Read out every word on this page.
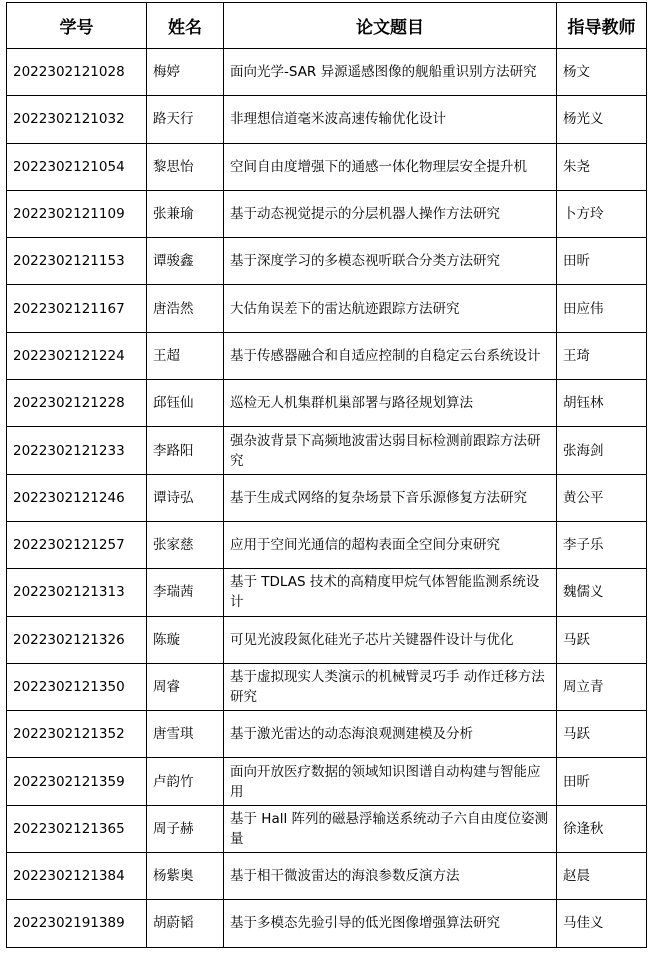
学号	姓名	论文题目	指导教师
2022302121028	梅婷	面向光学-SAR 异源遥感图像的舰船重识别方法研究	杨文
2022302121032	路天行	非理想信道毫米波高速传输优化设计	杨光义
2022302121054	黎思怡	空间自由度增强下的通感一体化物理层安全提升机	朱尧
2022302121109	张兼瑜	基于动态视觉提示的分层机器人操作方法研究	卜方玲
2022302121153	谭骏鑫	基于深度学习的多模态视听联合分类方法研究	田昕
2022302121167	唐浩然	大估角误差下的雷达航迹跟踪方法研究	田应伟
2022302121224	王超	基于传感器融合和自适应控制的自稳定云台系统设计	王琦
2022302121228	邱钰仙	巡检无人机集群机巢部署与路径规划算法	胡钰林
2022302121233	李路阳	强杂波背景下高频地波雷达弱目标检测前跟踪方法研究	张海剑
2022302121246	谭诗弘	基于生成式网络的复杂场景下音乐源修复方法研究	黄公平
2022302121257	张家慈	应用于空间光通信的超构表面全空间分束研究	李子乐
2022302121313	李瑞茜	基于 TDLAS 技术的高精度甲烷气体智能监测系统设计	魏儒义
2022302121326	陈璇	可见光波段氮化硅光子芯片关键器件设计与优化	马跃
2022302121350	周睿	基于虚拟现实人类演示的机械臂灵巧手 动作迁移方法研究	周立青
2022302121352	唐雪琪	基于激光雷达的动态海浪观测建模及分析	马跃
2022302121359	卢韵竹	面向开放医疗数据的领域知识图谱自动构建与智能应用	田昕
2022302121365	周子赫	基于 Hall 阵列的磁悬浮输送系统动子六自由度位姿测量	徐逢秋
2022302121384	杨紫奥	基于相干微波雷达的海浪参数反演方法	赵晨
2022302191389	胡蔚韬	基于多模态先验引导的低光图像增强算法研究	马佳义
